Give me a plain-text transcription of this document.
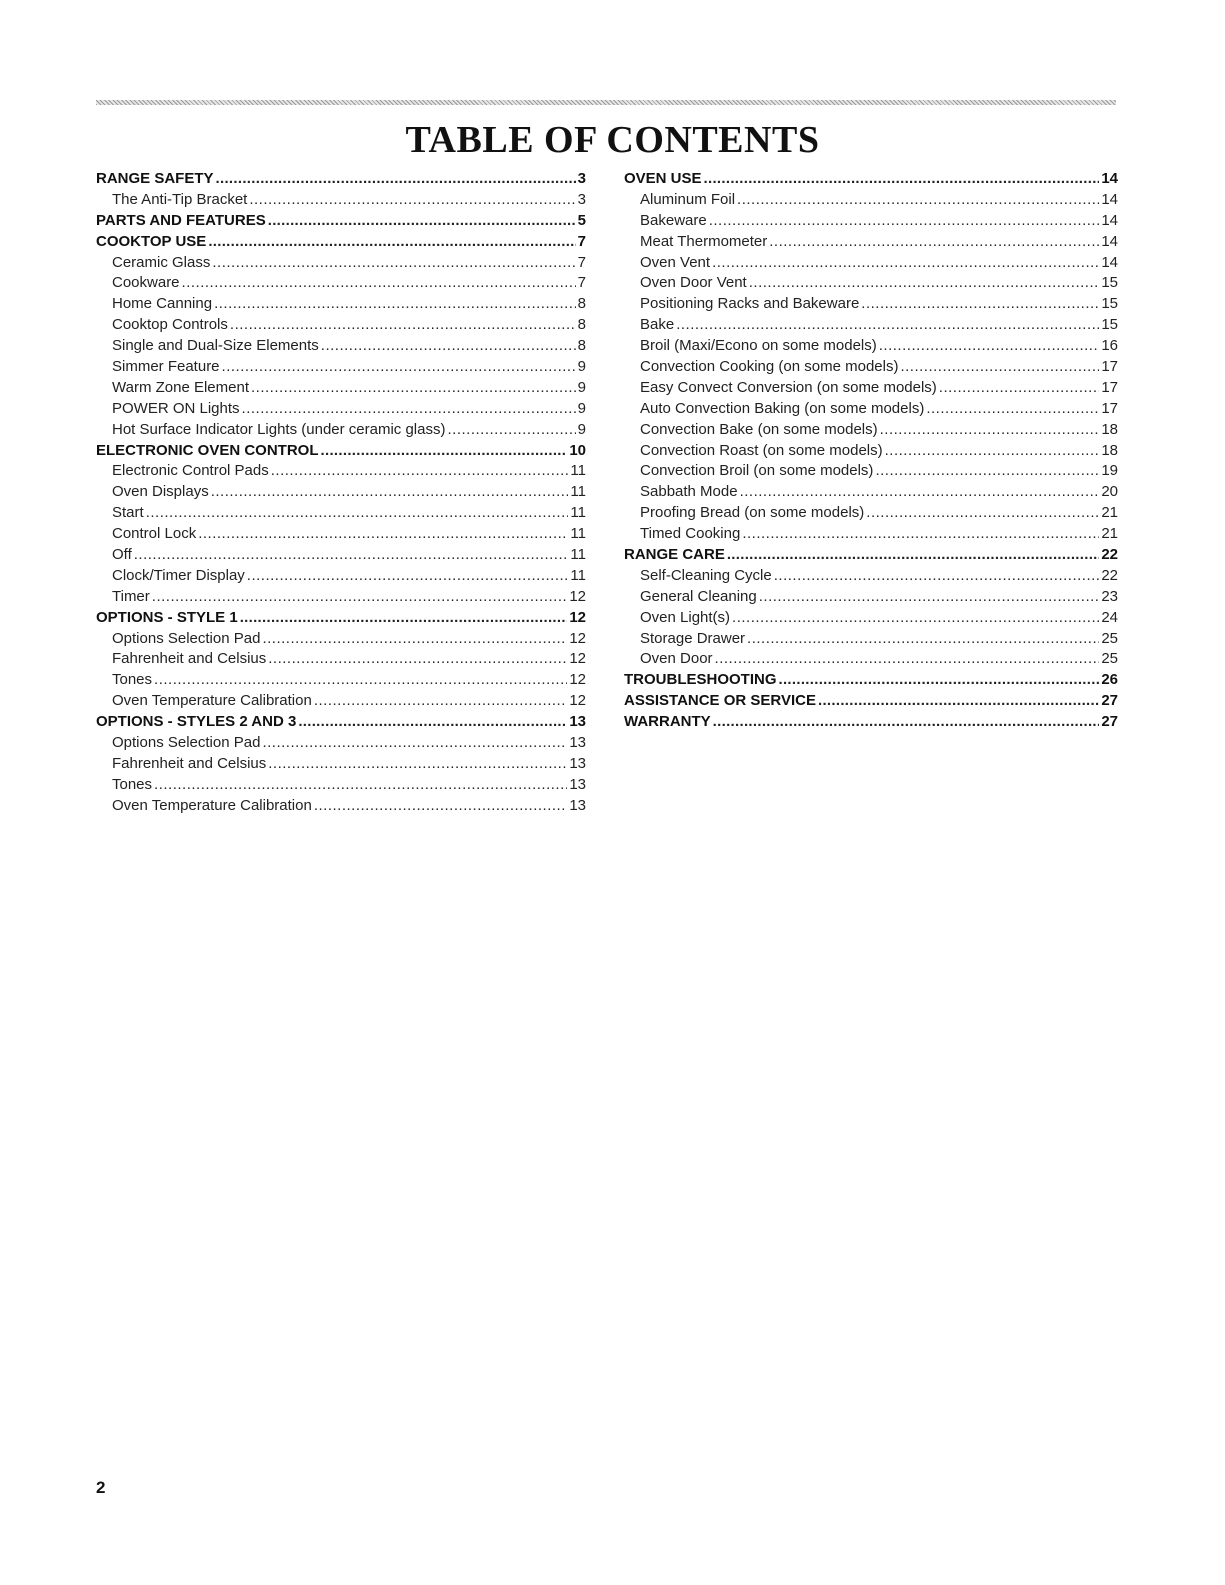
TABLE OF CONTENTS
RANGE SAFETY .....	3
The Anti-Tip Bracket .....	3
PARTS AND FEATURES .....	5
COOKTOP USE .....	7
Ceramic Glass .....	7
Cookware .....	7
Home Canning .....	8
Cooktop Controls .....	8
Single and Dual-Size Elements .....	8
Simmer Feature .....	9
Warm Zone Element .....	9
POWER ON Lights .....	9
Hot Surface Indicator Lights (under ceramic glass) .....	9
ELECTRONIC OVEN CONTROL .....	10
Electronic Control Pads .....	11
Oven Displays .....	11
Start .....	11
Control Lock .....	11
Off .....	11
Clock/Timer Display .....	11
Timer .....	12
OPTIONS - STYLE 1 .....	12
Options Selection Pad .....	12
Fahrenheit and Celsius .....	12
Tones .....	12
Oven Temperature Calibration .....	12
OPTIONS - STYLES 2 AND 3 .....	13
Options Selection Pad .....	13
Fahrenheit and Celsius .....	13
Tones .....	13
Oven Temperature Calibration .....	13
OVEN USE .....	14
Aluminum Foil .....	14
Bakeware .....	14
Meat Thermometer .....	14
Oven Vent .....	14
Oven Door Vent .....	15
Positioning Racks and Bakeware .....	15
Bake .....	15
Broil (Maxi/Econo on some models) .....	16
Convection Cooking (on some models) .....	17
Easy Convect Conversion (on some models) .....	17
Auto Convection Baking (on some models) .....	17
Convection Bake (on some models) .....	18
Convection Roast (on some models) .....	18
Convection Broil (on some models) .....	19
Sabbath Mode .....	20
Proofing Bread (on some models) .....	21
Timed Cooking .....	21
RANGE CARE .....	22
Self-Cleaning Cycle .....	22
General Cleaning .....	23
Oven Light(s) .....	24
Storage Drawer .....	25
Oven Door .....	25
TROUBLESHOOTING .....	26
ASSISTANCE OR SERVICE .....	27
WARRANTY .....	27
2
